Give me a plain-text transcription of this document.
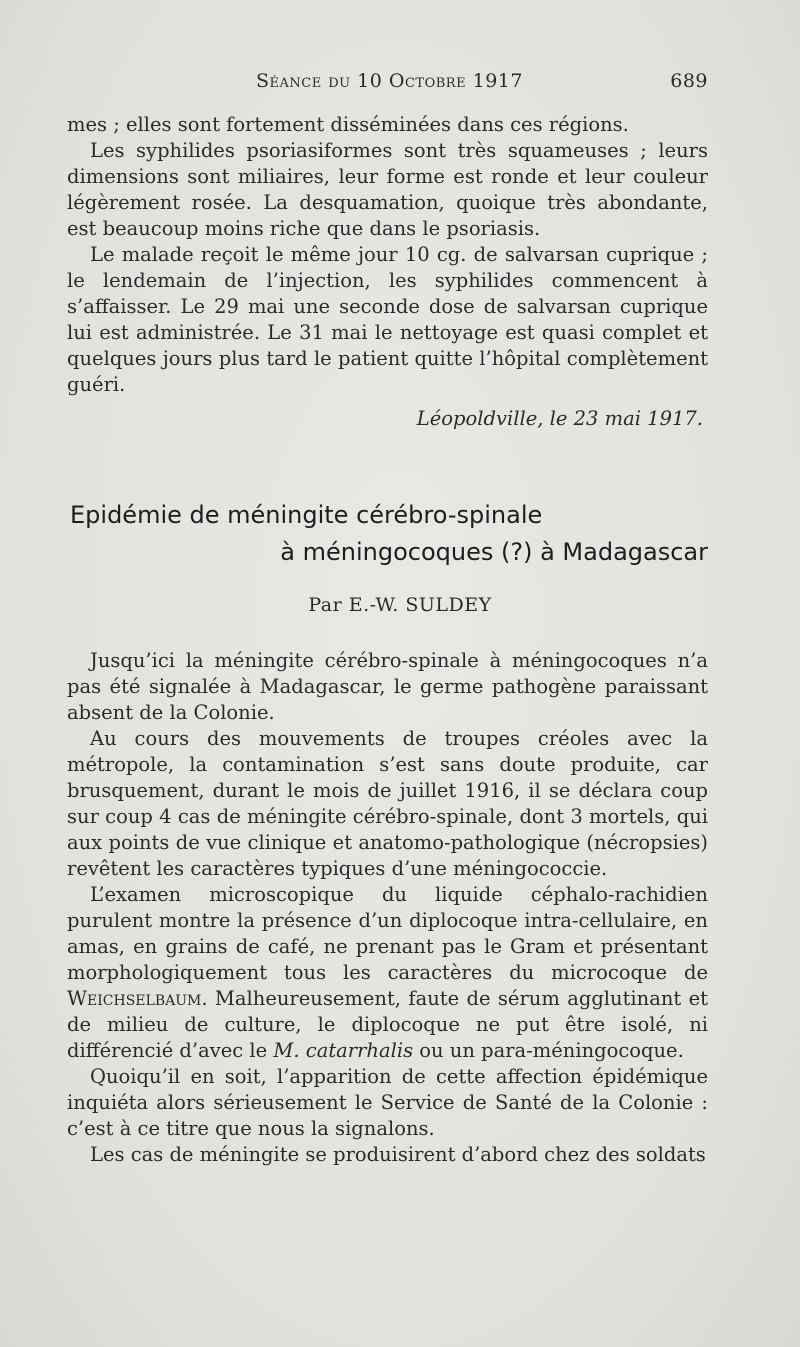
Séance du 10 Octobre 1917	689

mes ; elles sont fortement disséminées dans ces régions.

Les syphilides psoriasiformes sont très squameuses ; leurs dimensions sont miliaires, leur forme est ronde et leur couleur légèrement rosée. La desquamation, quoique très abondante, est beaucoup moins riche que dans le psoriasis.

Le malade reçoit le même jour 10 cg. de salvarsan cuprique ; le lendemain de l’injection, les syphilides commencent à s’affaisser. Le 29 mai une seconde dose de salvarsan cuprique lui est administrée. Le 31 mai le nettoyage est quasi complet et quelques jours plus tard le patient quitte l’hôpital complètement guéri.

Léopoldville, le 23 mai 1917.

Epidémie de méningite cérébro-spinale
à méningocoques (?) à Madagascar
Par E.-W. SULDEY

Jusqu’ici la méningite cérébro-spinale à méningocoques n’a pas été signalée à Madagascar, le germe pathogène paraissant absent de la Colonie.

Au cours des mouvements de troupes créoles avec la métropole, la contamination s’est sans doute produite, car brusquement, durant le mois de juillet 1916, il se déclara coup sur coup 4 cas de méningite cérébro-spinale, dont 3 mortels, qui aux points de vue clinique et anatomo-pathologique (nécropsies) revêtent les caractères typiques d’une méningococcie.

L’examen microscopique du liquide céphalo-rachidien purulent montre la présence d’un diplocoque intra-cellulaire, en amas, en grains de café, ne prenant pas le Gram et présentant morphologiquement tous les caractères du microcoque de Weichselbaum. Malheureusement, faute de sérum agglutinant et de milieu de culture, le diplocoque ne put être isolé, ni différencié d’avec le M. catarrhalis ou un para-méningocoque.

Quoiqu’il en soit, l’apparition de cette affection épidémique inquiéta alors sérieusement le Service de Santé de la Colonie : c’est à ce titre que nous la signalons.

Les cas de méningite se produisirent d’abord chez des soldats
